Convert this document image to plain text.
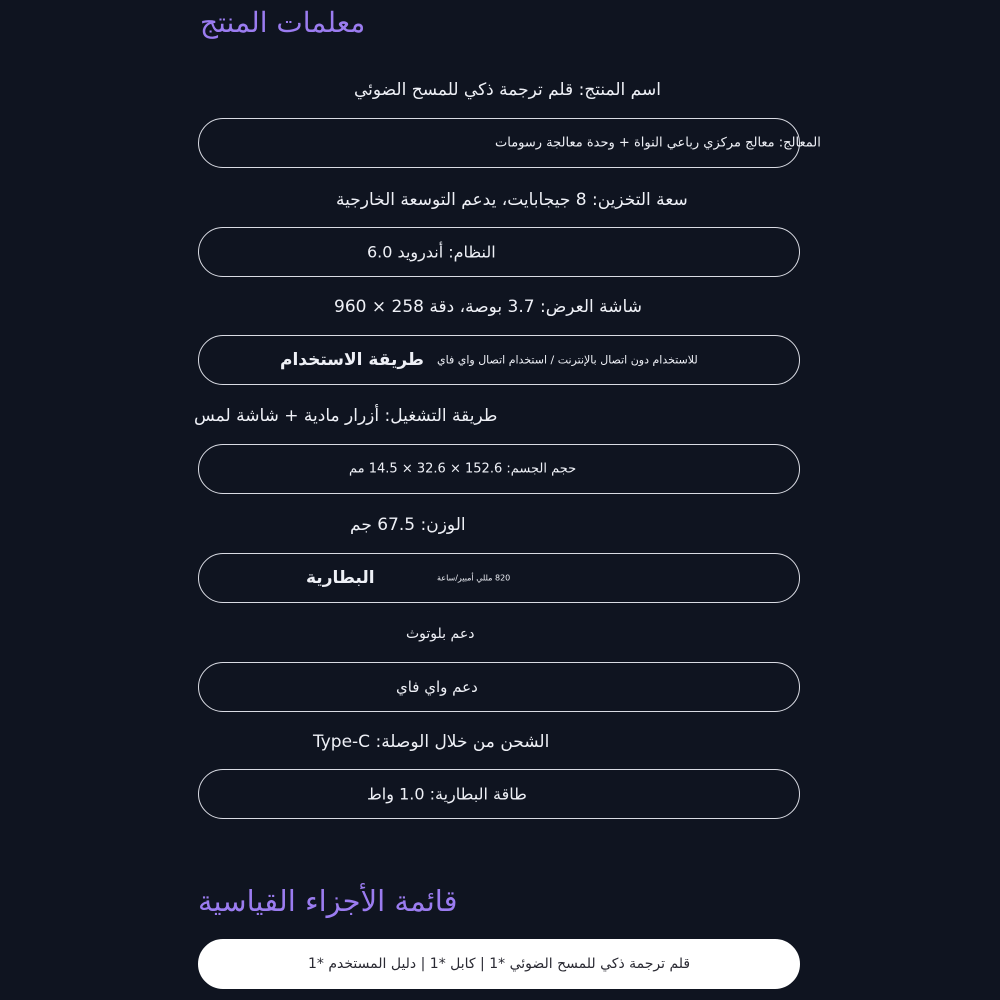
معلمات المنتج
اسم المنتج: قلم ترجمة ذكي للمسح الضوئي
المعالج: معالج مركزي رباعي النواة + وحدة معالجة رسومات
سعة التخزين: 8 جيجابايت، يدعم التوسعة الخارجية
النظام: أندرويد 6.0
شاشة العرض: 3.7 بوصة، دقة 258 × 960
طريقة الاستخدام للاستخدام دون اتصال بالإنترنت / استخدام اتصال واي فاي
طريقة التشغيل: أزرار مادية + شاشة لمس
حجم الجسم: 152.6 × 32.6 × 14.5 مم
الوزن: 67.5 جم
البطارية	820 مللي أمبير/ساعة
دعم بلوتوث
دعم واي فاي
الشحن من خلال الوصلة: Type-C
طاقة البطارية: 1.0 واط
قائمة الأجزاء القياسية
قلم ترجمة ذكي للمسح الضوئي *1 | كابل *1 | دليل المستخدم *1
